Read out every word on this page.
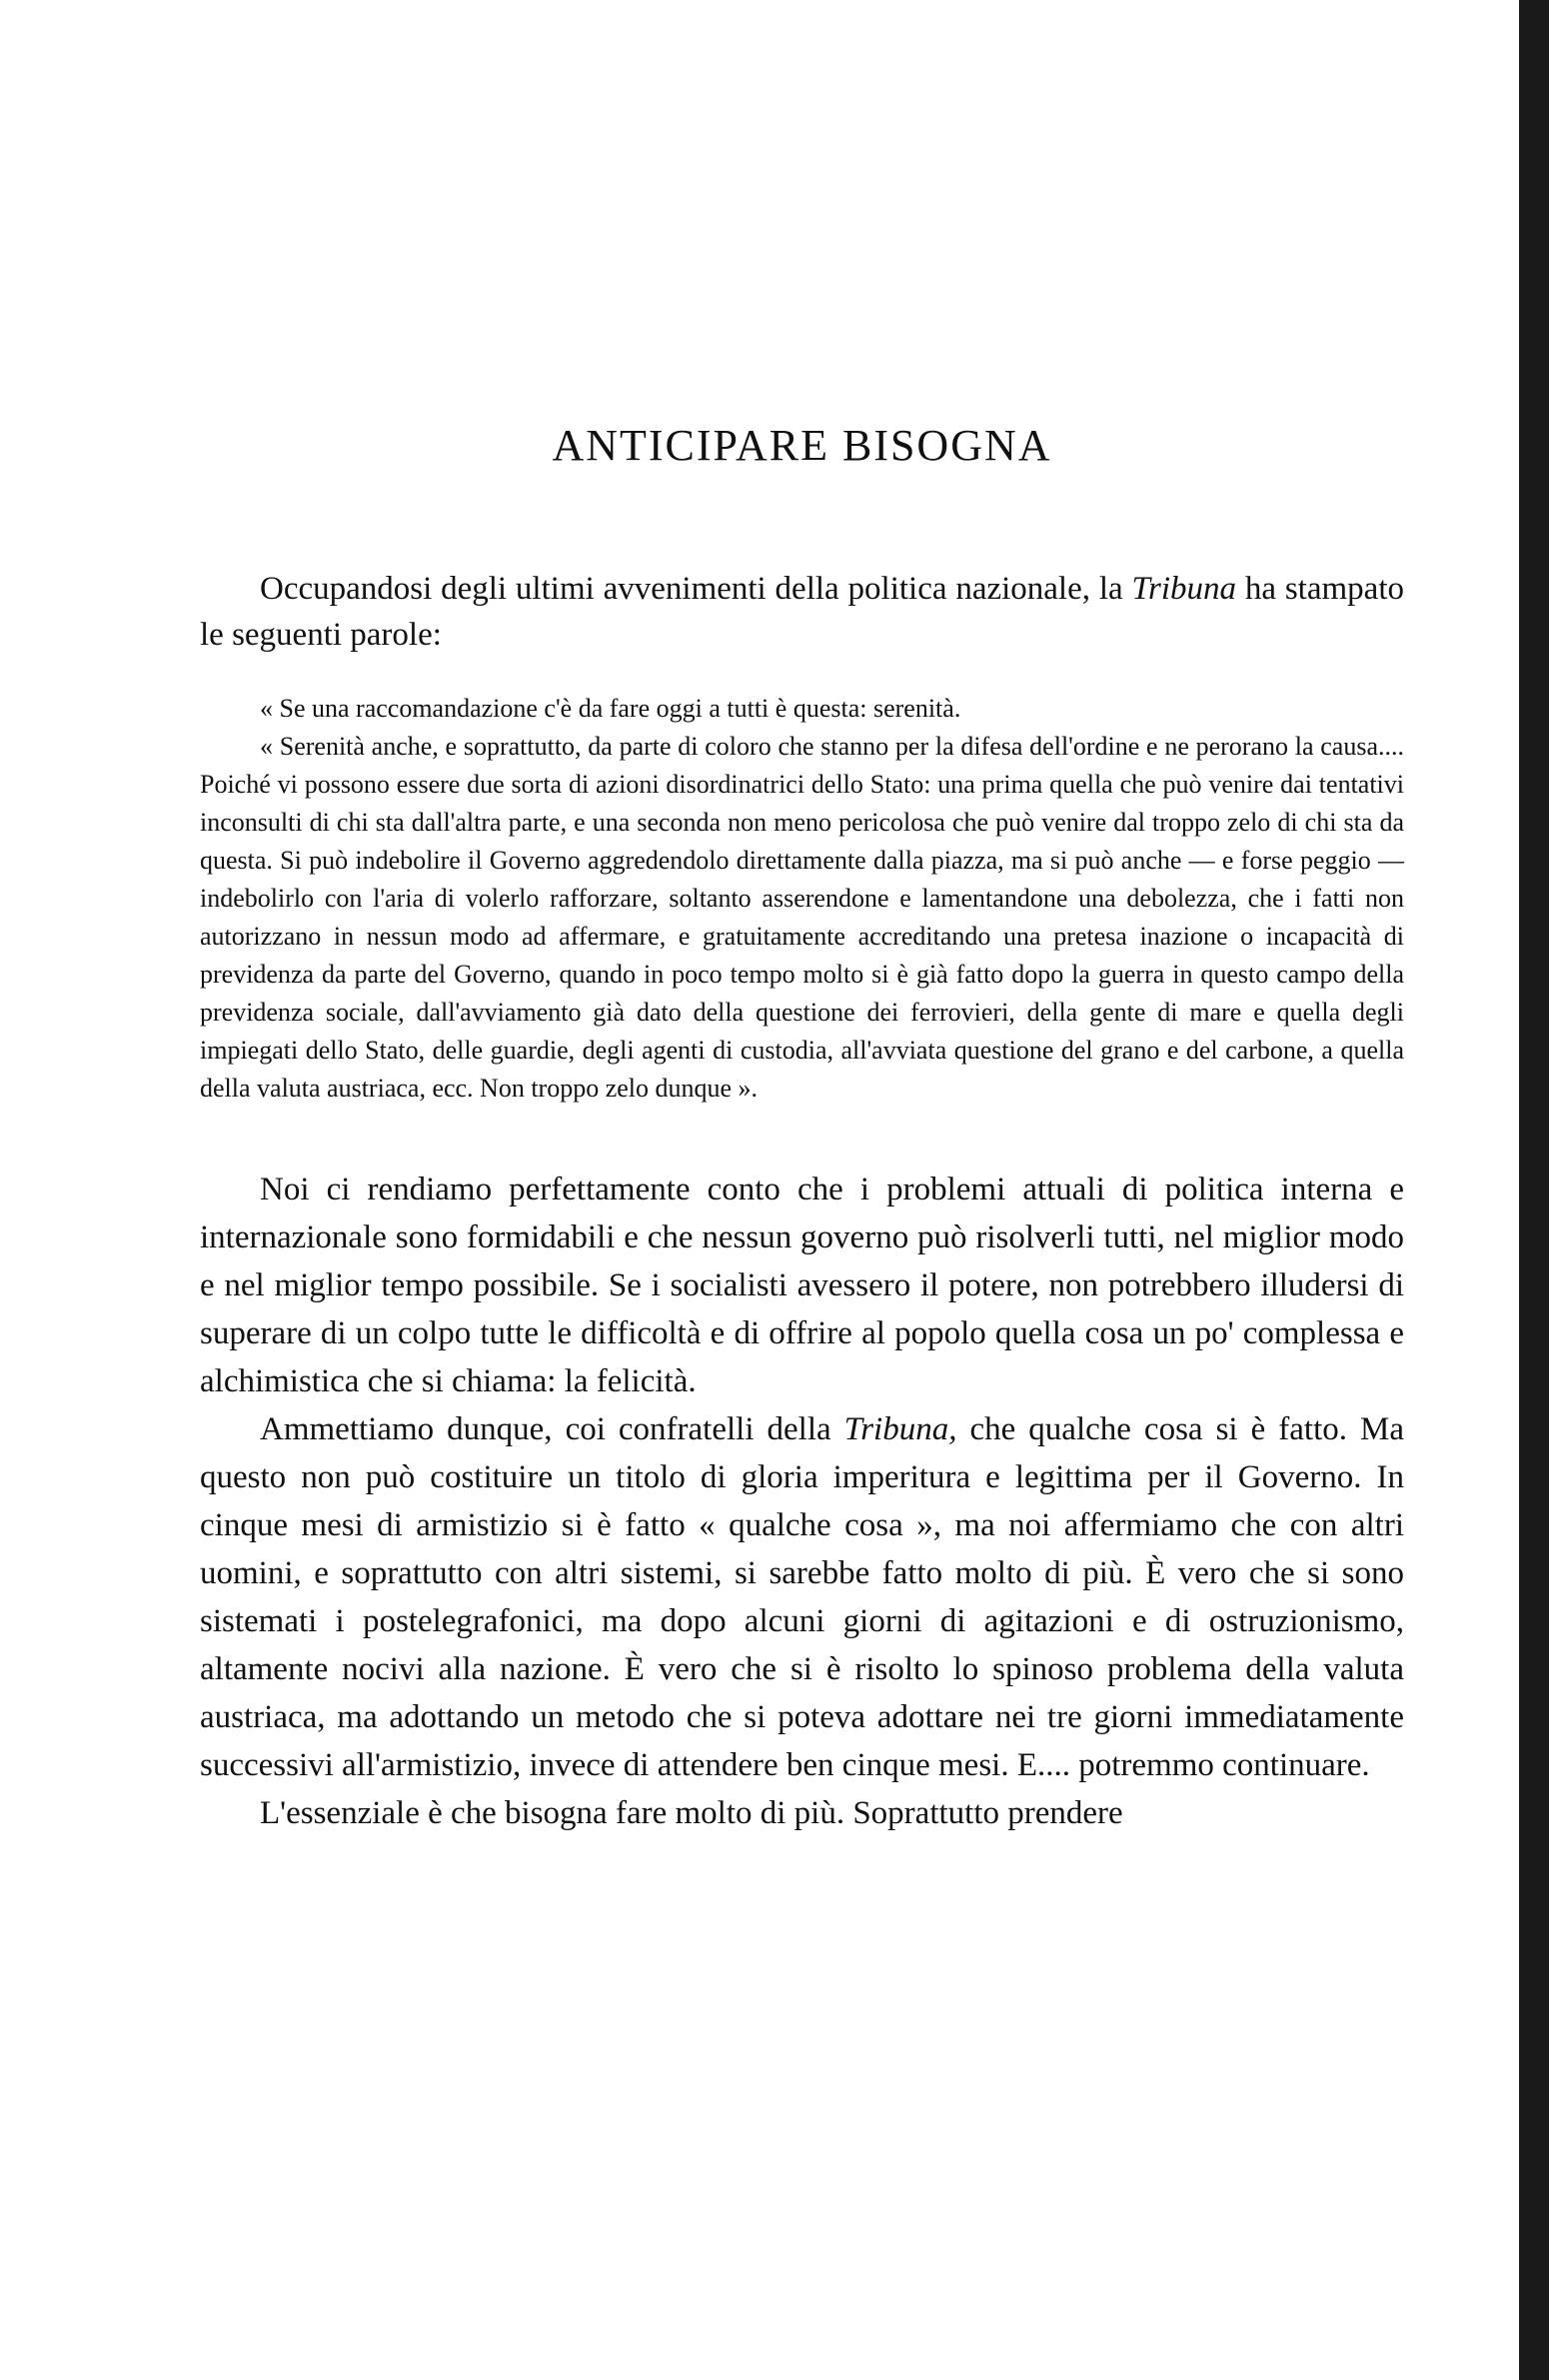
ANTICIPARE BISOGNA

Occupandosi degli ultimi avvenimenti della politica nazionale, la Tribuna ha stampato le seguenti parole:

« Se una raccomandazione c'è da fare oggi a tutti è questa: serenità.

« Serenità anche, e soprattutto, da parte di coloro che stanno per la difesa dell'ordine e ne perorano la causa.... Poiché vi possono essere due sorta di azioni disordinatrici dello Stato: una prima quella che può venire dai tentativi inconsulti di chi sta dall'altra parte, e una seconda non meno pericolosa che può venire dal troppo zelo di chi sta da questa. Si può indebolire il Governo aggredendolo direttamente dalla piazza, ma si può anche — e forse peggio — indebolirlo con l'aria di volerlo rafforzare, soltanto asserendone e lamentandone una debolezza, che i fatti non autorizzano in nessun modo ad affermare, e gratuitamente accreditando una pretesa inazione o incapacità di previdenza da parte del Governo, quando in poco tempo molto si è già fatto dopo la guerra in questo campo della previdenza sociale, dall'avviamento già dato della questione dei ferrovieri, della gente di mare e quella degli impiegati dello Stato, delle guardie, degli agenti di custodia, all'avviata questione del grano e del carbone, a quella della valuta austriaca, ecc. Non troppo zelo dunque ».

Noi ci rendiamo perfettamente conto che i problemi attuali di politica interna e internazionale sono formidabili e che nessun governo può risolverli tutti, nel miglior modo e nel miglior tempo possibile. Se i socialisti avessero il potere, non potrebbero illudersi di superare di un colpo tutte le difficoltà e di offrire al popolo quella cosa un po' complessa e alchimistica che si chiama: la felicità.

Ammettiamo dunque, coi confratelli della Tribuna, che qualche cosa si è fatto. Ma questo non può costituire un titolo di gloria imperitura e legittima per il Governo. In cinque mesi di armistizio si è fatto « qualche cosa », ma noi affermiamo che con altri uomini, e soprattutto con altri sistemi, si sarebbe fatto molto di più. È vero che si sono sistemati i postelegrafonici, ma dopo alcuni giorni di agitazioni e di ostruzionismo, altamente nocivi alla nazione. È vero che si è risolto lo spinoso problema della valuta austriaca, ma adottando un metodo che si poteva adottare nei tre giorni immediatamente successivi all'armistizio, invece di attendere ben cinque mesi. E.... potremmo continuare.

L'essenziale è che bisogna fare molto di più. Soprattutto prendere
